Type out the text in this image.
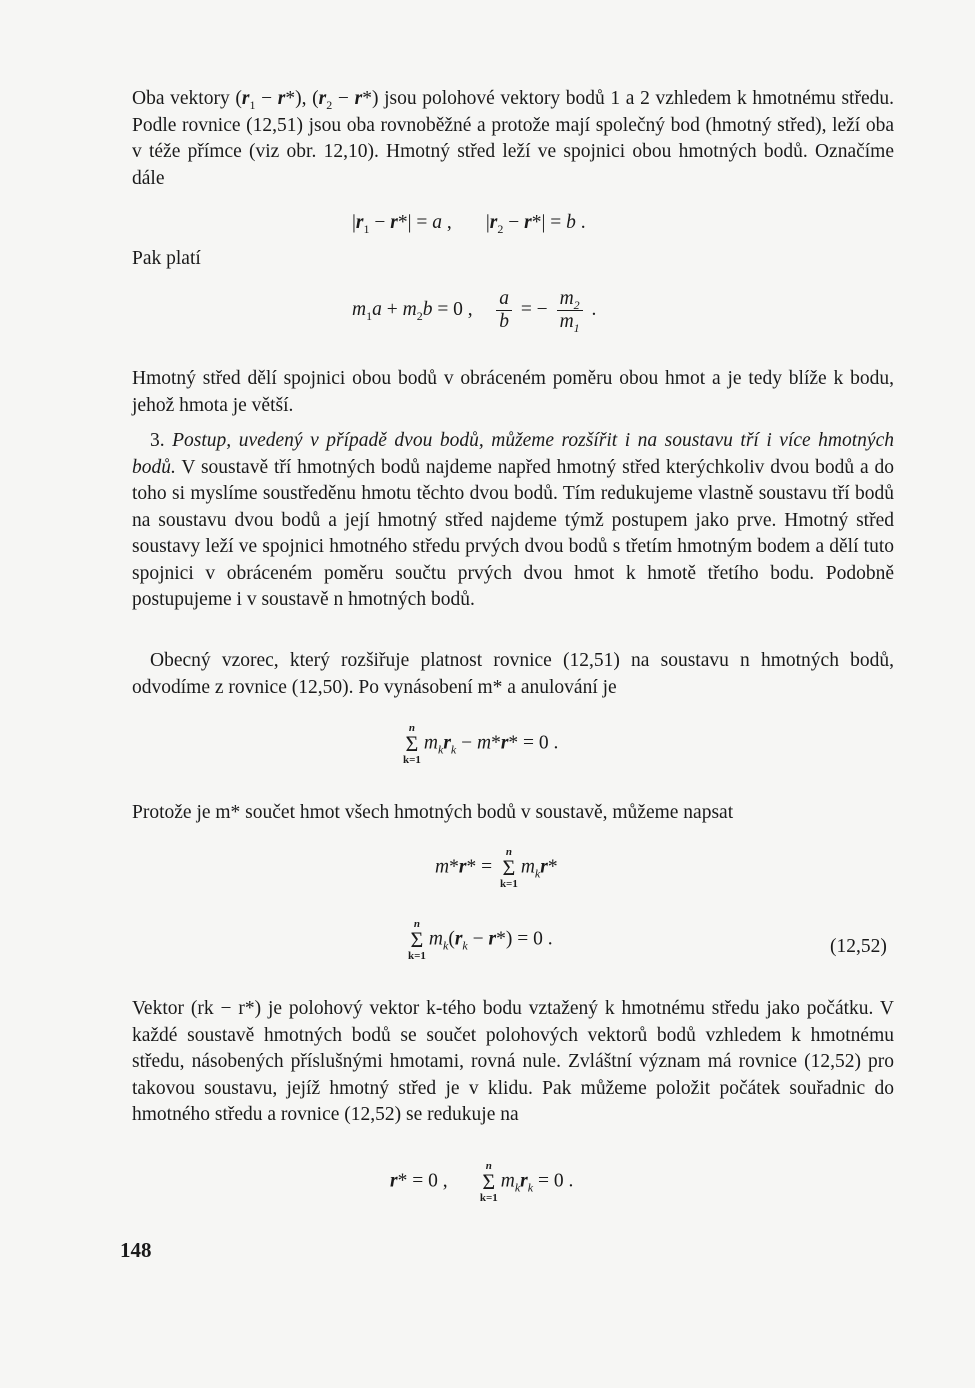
Oba vektory $(r_1 - r*)$, $(r_2 - r*)$ jsou polohové vektory bodů 1 a 2 vzhledem k hmotnému středu. Podle rovnice (12,51) jsou oba rovnoběžné a protože mají společný bod (hmotný střed), leží oba v téže přímce (viz obr. 12,10). Hmotný střed leží ve spojnici obou hmotných bodů. Označíme dále

$|r_1 - r*| = a$ ,       $|r_2 - r*| = b$ .

Pak platí

$m_1a + m_2b = 0$ , $\frac{a}{b}$ = − $\frac{m_2}{m_1}$ .

Hmotný střed dělí spojnici obou bodů v obráceném poměru obou hmot a je tedy blíže k bodu, jehož hmota je větší.

3. Postup, uvedený v případě dvou bodů, můžeme rozšířit i na soustavu tří i více hmotných bodů. V soustavě tří hmotných bodů najdeme napřed hmotný střed kterýchkoliv dvou bodů a do toho si myslíme soustředěnu hmotu těchto dvou bodů. Tím redukujeme vlastně soustavu tří bodů na soustavu dvou bodů a její hmotný střed najdeme týmž postupem jako prve. Hmotný střed soustavy leží ve spojnici hmotného středu prvých dvou bodů s třetím hmotným bodem a dělí tuto spojnici v obráceném poměru součtu prvých dvou hmot k hmotě třetího bodu. Podobně postupujeme i v soustavě n hmotných bodů.

Obecný vzorec, který rozšiřuje platnost rovnice (12,51) na soustavu n hmotných bodů, odvodíme z rovnice (12,50). Po vynásobení m* a anulování je

n
Σ
k=1
$m_kr_k - m*r* = 0$ .

Protože je m* součet hmot všech hmotných bodů v soustavě, můžeme napsat

m*r* =
n
Σ
k=1
$m_kr*$
n
Σ
k=1
$m_k(r_k - r*) = 0$ .	(12,52)

Vektor (rk − r*) je polohový vektor k-tého bodu vztažený k hmotnému středu jako počátku. V každé soustavě hmotných bodů se součet polohových vektorů bodů vzhledem k hmotnému středu, násobených příslušnými hmotami, rovná nule. Zvláštní význam má rovnice (12,52) pro takovou soustavu, jejíž hmotný střed je v klidu. Pak můžeme položit počátek souřadnic do hmotného středu a rovnice (12,52) se redukuje na

r* = 0 ,
n
Σ
k=1
$m_kr_k = 0$ .
148
